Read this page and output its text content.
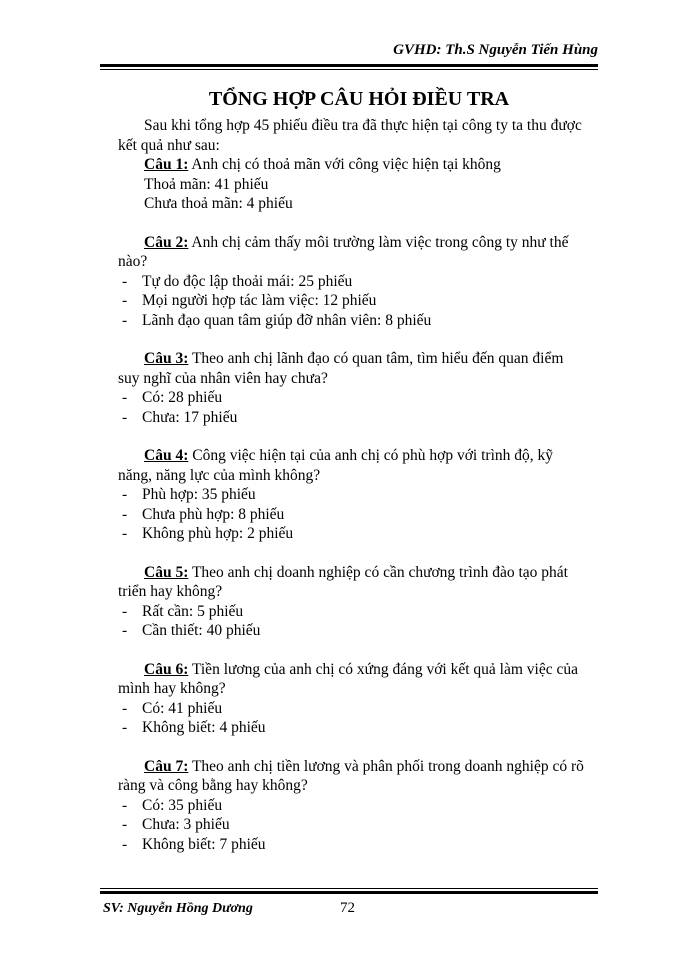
GVHD: Th.S Nguyễn Tiến Hùng
TỔNG HỢP CÂU HỎI ĐIỀU TRA

Sau khi tổng hợp 45 phiếu điều tra đã thực hiện tại công ty ta thu được kết quả như sau:

Câu 1: Anh chị có thoả mãn với công việc hiện tại không

Thoả mãn: 41 phiếu

Chưa thoả mãn: 4 phiếu

Câu 2: Anh chị cảm thấy môi trường làm việc trong công ty như thế nào?

- Tự do độc lập thoải mái: 25 phiếu
- Mọi người hợp tác làm việc: 12 phiếu
- Lãnh đạo quan tâm giúp đỡ nhân viên: 8 phiếu

Câu 3: Theo anh chị lãnh đạo có quan tâm, tìm hiểu đến quan điểm suy nghĩ của nhân viên hay chưa?

- Có: 28 phiếu
- Chưa: 17 phiếu

Câu 4: Công việc hiện tại của anh chị có phù hợp với trình độ, kỹ năng, năng lực của mình không?

- Phù hợp: 35 phiếu
- Chưa phù hợp: 8 phiếu
- Không phù hợp: 2 phiếu

Câu 5: Theo anh chị doanh nghiệp có cần chương trình đào tạo phát triển hay không?

- Rất cần: 5 phiếu
- Cần thiết: 40 phiếu

Câu 6: Tiền lương của anh chị có xứng đáng với kết quả làm việc của mình hay không?

- Có: 41 phiếu
- Không biết: 4 phiếu

Câu 7: Theo anh chị tiền lương và phân phối trong doanh nghiệp có rõ ràng và công bằng hay không?

- Có: 35 phiếu
- Chưa: 3 phiếu
- Không biết: 7 phiếu
SV: Nguyễn Hồng Dương	72
